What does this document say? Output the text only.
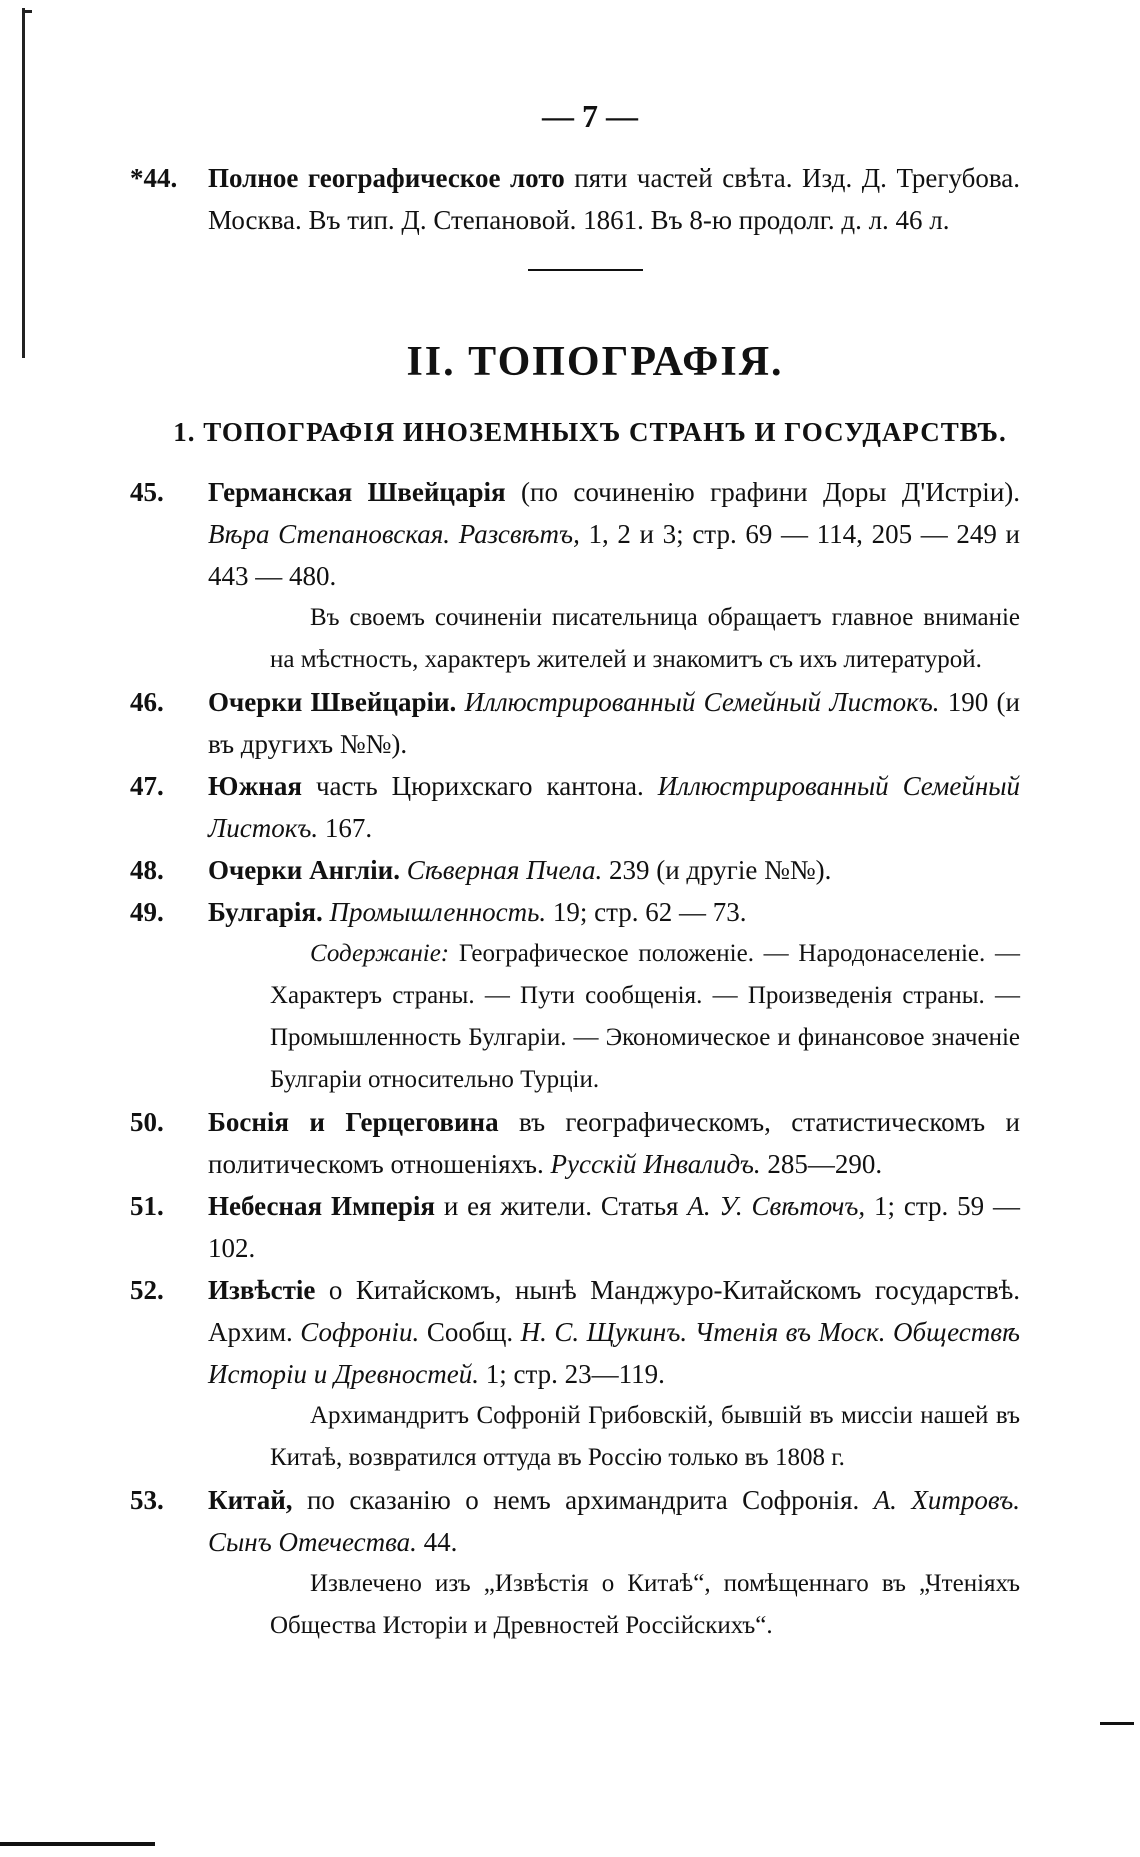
— 7 —
*44. Полное географическое лото пяти частей свѣта. Изд. Д. Трегубова. Москва. Въ тип. Д. Степановой. 1861. Въ 8-ю продолг. д. л. 46 л.
II. ТОПОГРАФІЯ.
1. ТОПОГРАФІЯ ИНОЗЕМНЫХЪ СТРАНЪ И ГОСУДАРСТВЪ.
45. Германская Швейцарія (по сочиненію графини Доры Д'Истріи). Вѣра Степановская. Разсвѣтъ, 1, 2 и 3; стр. 69 — 114, 205 — 249 и 443 — 480.
Въ своемъ сочиненіи писательница обращаетъ главное вниманіе на мѣстность, характеръ жителей и знакомитъ съ ихъ литературой.
46. Очерки Швейцаріи. Иллюстрированный Семейный Листокъ. 190 (и въ другихъ №№).
47. Южная часть Цюрихскаго кантона. Иллюстрированный Семейный Листокъ. 167.
48. Очерки Англіи. Сѣверная Пчела. 239 (и другіе №№).
49. Булгарія. Промышленность. 19; стр. 62 — 73.
Содержаніе: Географическое положеніе. — Народонаселеніе. — Характеръ страны. — Пути сообщенія. — Произведенія страны. — Промышленность Булгаріи. — Экономическое и финансовое значеніе Булгаріи относительно Турціи.
50. Боснія и Герцеговина въ географическомъ, статистическомъ и политическомъ отношеніяхъ. Русскій Инвалидъ. 285—290.
51. Небесная Имперія и ея жители. Статья А. У. Свѣточъ, 1; стр. 59 — 102.
52. Извѣстіе о Китайскомъ, нынѣ Манджуро-Китайскомъ государствѣ. Архим. Софроніи. Сообщ. Н. С. Щукинъ. Чтенія въ Моск. Обществѣ Исторіи и Древностей. 1; стр. 23—119.
Архимандритъ Софроній Грибовскій, бывшій въ миссіи нашей въ Китаѣ, возвратился оттуда въ Россію только въ 1808 г.
53. Китай, по сказанію о немъ архимандрита Софронія. А. Хитровъ. Сынъ Отечества. 44.
Извлечено изъ „Извѣстія о Китаѣ“, помѣщеннаго въ „Чтеніяхъ Общества Исторіи и Древностей Россійскихъ“.
